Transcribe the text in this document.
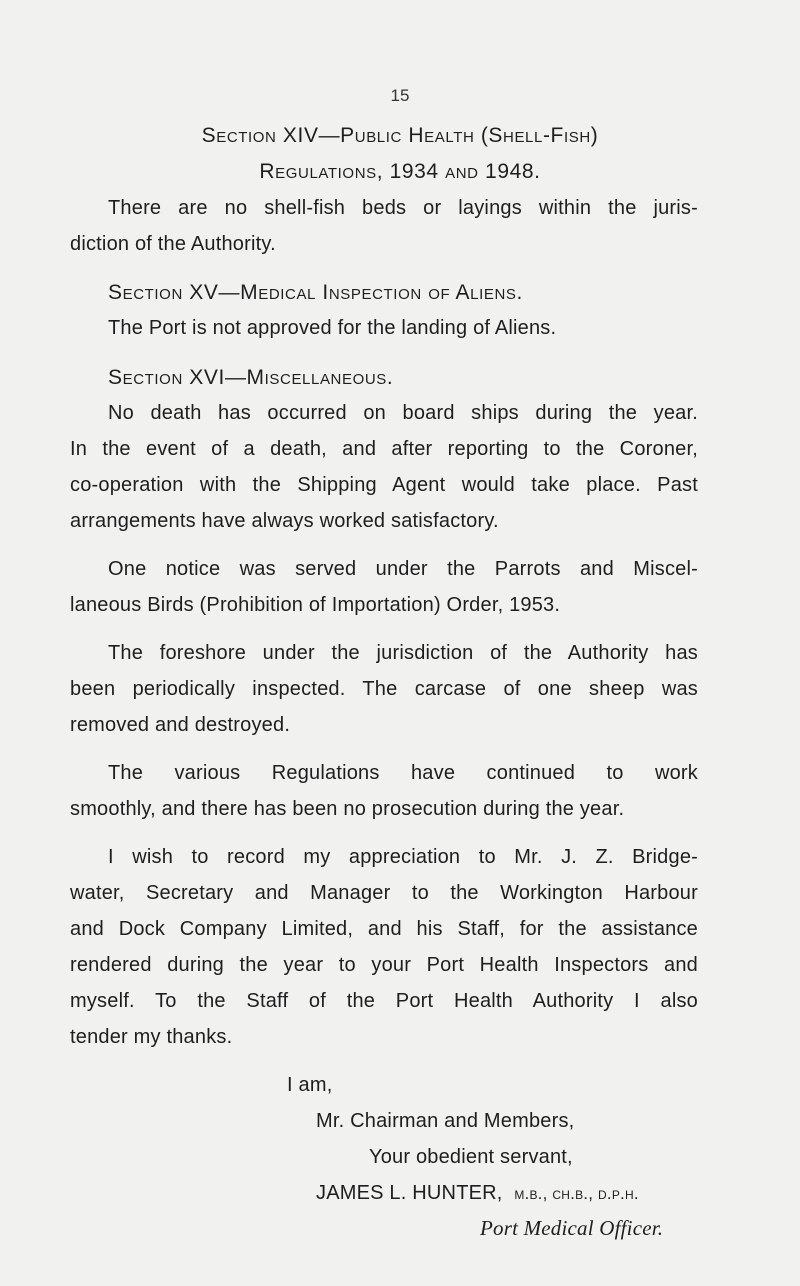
15
Section XIV—Public Health (Shell-Fish)
Regulations, 1934 and 1948.
There are no shell-fish beds or layings within the juris-
diction of the Authority.
Section XV—Medical Inspection of Aliens.
The Port is not approved for the landing of Aliens.
Section XVI—Miscellaneous.
No death has occurred on board ships during the year.
In the event of a death, and after reporting to the Coroner,
co-operation with the Shipping Agent would take place. Past
arrangements have always worked satisfactory.
One notice was served under the Parrots and Miscel-
laneous Birds (Prohibition of Importation) Order, 1953.
The foreshore under the jurisdiction of the Authority has
been periodically inspected. The carcase of one sheep was
removed and destroyed.
The various Regulations have continued to work
smoothly, and there has been no prosecution during the year.
I wish to record my appreciation to Mr. J. Z. Bridge-
water, Secretary and Manager to the Workington Harbour
and Dock Company Limited, and his Staff, for the assistance
rendered during the year to your Port Health Inspectors and
myself. To the Staff of the Port Health Authority I also
tender my thanks.
I am,
Mr. Chairman and Members,
Your obedient servant,
JAMES L. HUNTER, m.b., ch.b., d.p.h.
Port Medical Officer.
